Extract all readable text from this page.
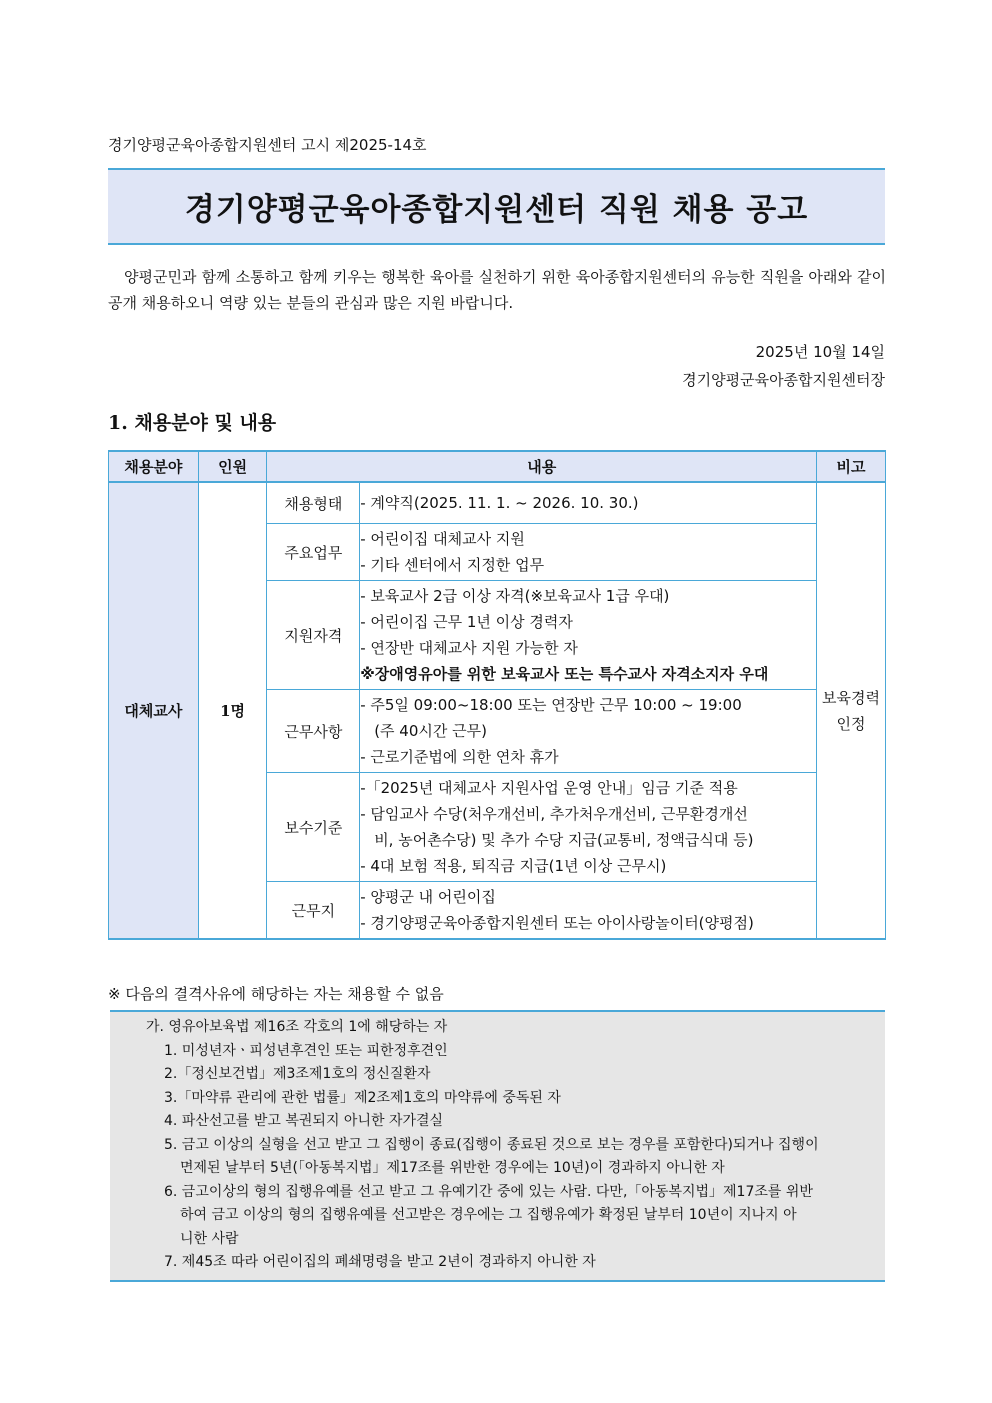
경기양평군육아종합지원센터 고시 제2025-14호
경기양평군육아종합지원센터 직원 채용 공고
양평군민과 함께 소통하고 함께 키우는 행복한 육아를 실천하기 위한 육아종합지원센터의 유능한 직원을 아래와 같이 공개 채용하오니 역량 있는 분들의 관심과 많은 지원 바랍니다.
2025년 10월 14일
경기양평군육아종합지원센터장
1. 채용분야 및 내용
채용분야	인원	내용		비고
대체교사	1명	채용형태	- 계약직(2025. 11. 1. ~ 2026. 10. 30.)	보육경력
인정

		주요업무	- 어린이집 대체교사 지원
- 기타 센터에서 지정한 업무	

		지원자격	- 보육교사 2급 이상 자격(※보육교사 1급 우대)
- 어린이집 근무 1년 이상 경력자
- 연장반 대체교사 지원 가능한 자
※장애영유아를 위한 보육교사 또는 특수교사 자격소지자 우대	

		근무사항	- 주5일 09:00~18:00 또는 연장반 근무 10:00 ~ 19:00
(주 40시간 근무)
- 근로기준법에 의한 연차 휴가	

		보수기준	-「2025년 대체교사 지원사업 운영 안내」임금 기준 적용
- 담임교사 수당(처우개선비, 추가처우개선비, 근무환경개선
비, 농어촌수당) 및 추가 수당 지급(교통비, 정액급식대 등)
- 4대 보험 적용, 퇴직금 지급(1년 이상 근무시)	

		근무지	- 양평군 내 어린이집
- 경기양평군육아종합지원센터 또는 아이사랑놀이터(양평점)	
※ 다음의 결격사유에 해당하는 자는 채용할 수 없음
가. 영유아보육법 제16조 각호의 1에 해당하는 자
1. 미성년자ㆍ피성년후견인 또는 피한정후견인
2.「정신보건법」제3조제1호의 정신질환자
3.「마약류 관리에 관한 법률」제2조제1호의 마약류에 중독된 자
4. 파산선고를 받고 복권되지 아니한 자가결실
5. 금고 이상의 실형을 선고 받고 그 집행이 종료(집행이 종료된 것으로 보는 경우를 포함한다)되거나 집행이
면제된 날부터 5년(「아동복지법」제17조를 위반한 경우에는 10년)이 경과하지 아니한 자
6. 금고이상의 형의 집행유예를 선고 받고 그 유예기간 중에 있는 사람. 다만,「아동복지법」제17조를 위반
하여 금고 이상의 형의 집행유예를 선고받은 경우에는 그 집행유예가 확정된 날부터 10년이 지나지 아
니한 사람
7. 제45조 따라 어린이집의 폐쇄명령을 받고 2년이 경과하지 아니한 자
